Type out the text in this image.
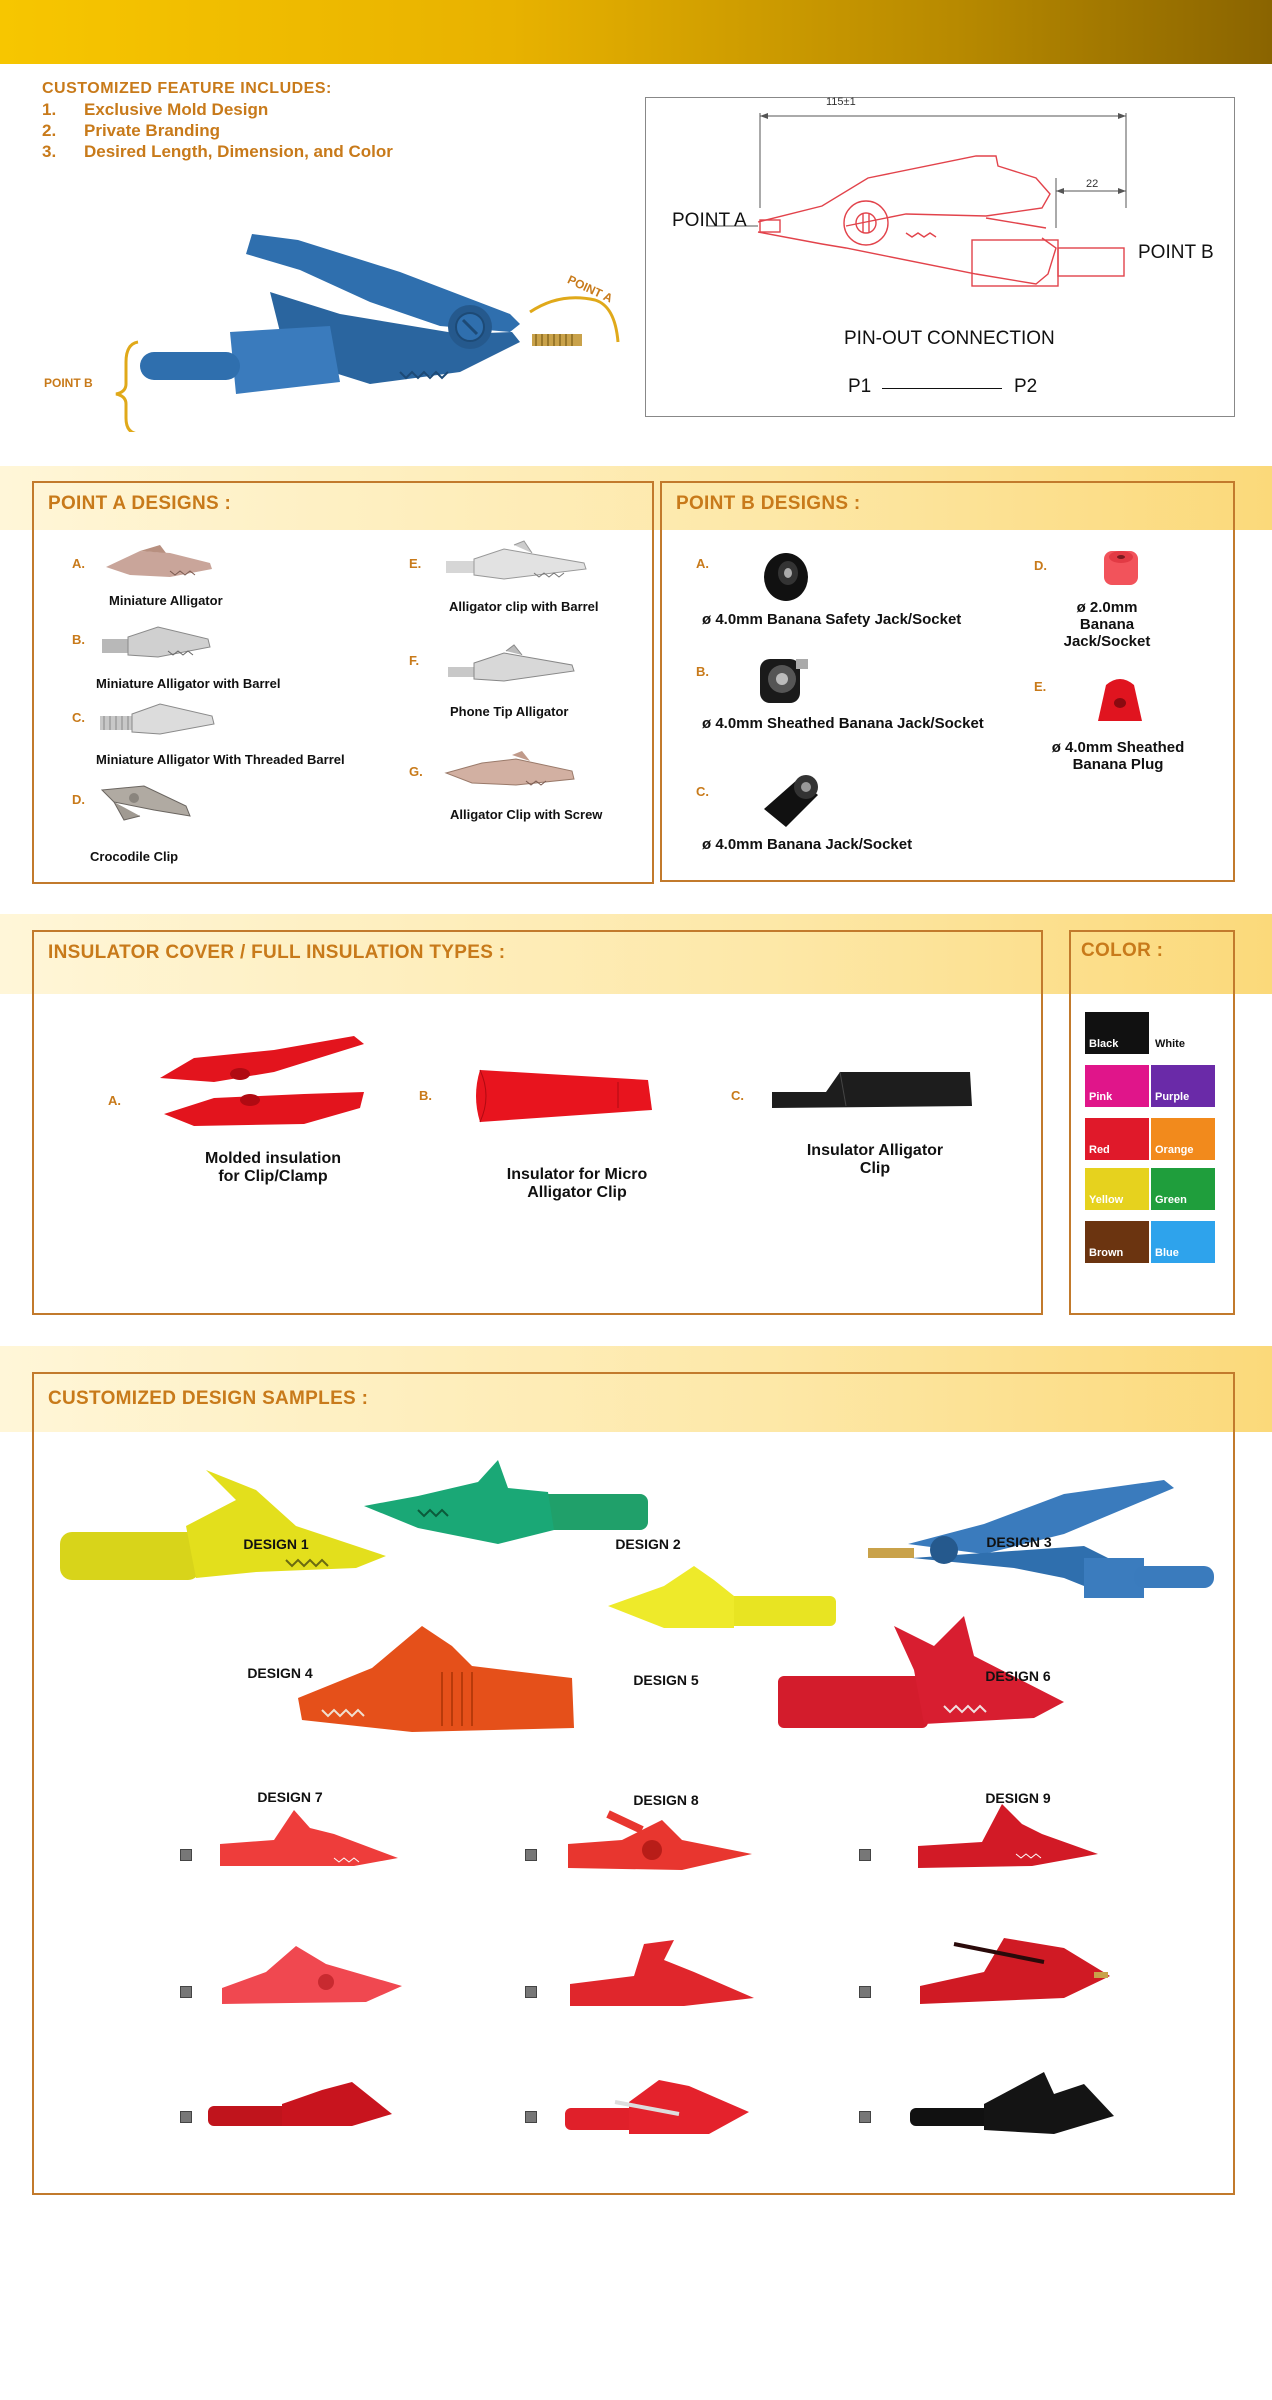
CUSTOMIZED FEATURE INCLUDES:
1. Exclusive Mold Design
2. Private Branding
3. Desired Length, Dimension, and Color
POINT A
POINT B
115±1
22
POINT A
POINT B
PIN-OUT CONNECTION
P1	P2
POINT A DESIGNS :
A.
Miniature Alligator
B.
Miniature Alligator with Barrel
C.
Miniature Alligator With Threaded Barrel
D.
Crocodile Clip
E.
Alligator clip with Barrel
F.
Phone Tip Alligator
G.
Alligator Clip with Screw
POINT B DESIGNS :
A.
ø 4.0mm Banana Safety Jack/Socket
B.
ø 4.0mm Sheathed Banana Jack/Socket
C.
ø 4.0mm Banana Jack/Socket
D.
ø 2.0mm Banana
Jack/Socket
E.
ø 4.0mm Sheathed
Banana Plug
INSULATOR COVER / FULL INSULATION TYPES :
A.
Molded insulation
for Clip/Clamp
B.
Insulator for Micro
Alligator Clip
C.
Insulator Alligator
Clip
COLOR :
Black	White
Pink	Purple
Red	Orange
Yellow	Green
Brown	Blue
CUSTOMIZED DESIGN SAMPLES :
DESIGN 1	DESIGN 2	DESIGN 3
DESIGN 4	DESIGN 5	DESIGN 6
DESIGN 7	DESIGN 8	DESIGN 9
